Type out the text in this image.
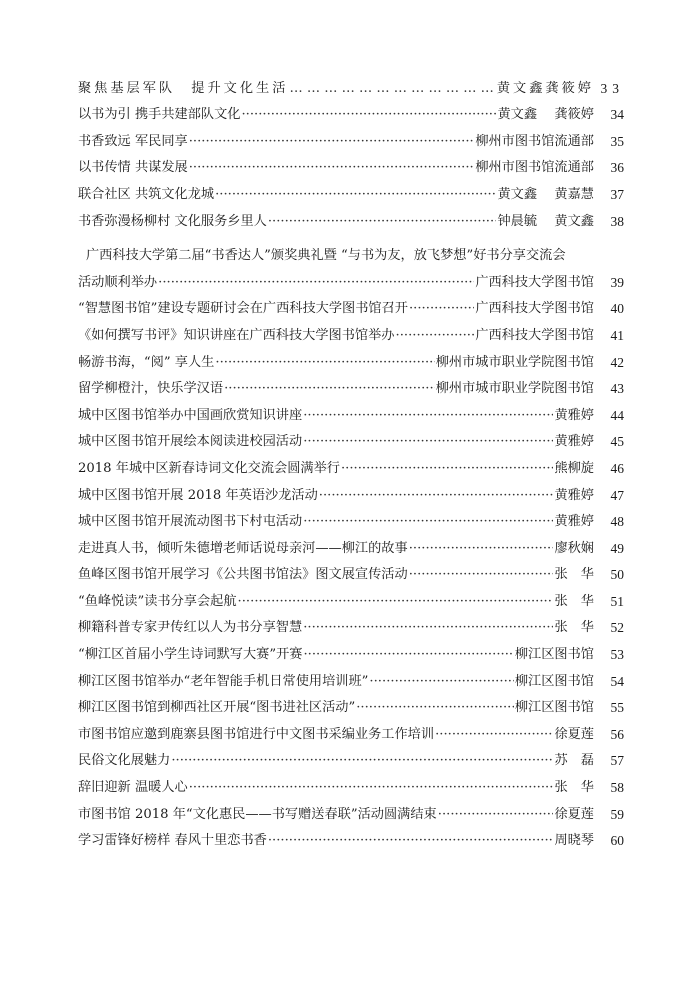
聚焦基层军队　提升文化生活 … … … … … … … … … … … … … … … … … … … … … … … … … …	黄文鑫龚筱婷 33
以书为引 携手共建部队文化 ·····	黄文鑫　 龚筱婷	34
书香致远 军民同享 ·····	柳州市图书馆流通部	35
以书传情 共谋发展 ·····	柳州市图书馆流通部	36
联合社区 共筑文化龙城 ·····	黄文鑫　 黄嘉慧	37
书香弥漫杨柳村 文化服务乡里人 ·····	钟晨毓　 黄文鑫	38
广西科技大学第二届“书香达人”颁奖典礼暨 “与书为友，放飞梦想”好书分享交流会
活动顺利举办 ·····	广西科技大学图书馆	39
“智慧图书馆”建设专题研讨会在广西科技大学图书馆召开 ·····	广西科技大学图书馆	40
《如何撰写书评》知识讲座在广西科技大学图书馆举办 ·····	广西科技大学图书馆	41
畅游书海，“阅” 享人生 ·····	柳州市城市职业学院图书馆	42
留学柳橙汁，快乐学汉语 ·····	柳州市城市职业学院图书馆	43
城中区图书馆举办中国画欣赏知识讲座 ·····	黄雅婷	44
城中区图书馆开展绘本阅读进校园活动 ·····	黄雅婷	45
2018 年城中区新春诗词文化交流会圆满举行 ·····	熊柳旋	46
城中区图书馆开展 2018 年英语沙龙活动 ·····	黄雅婷	47
城中区图书馆开展流动图书下村屯活动 ·····	黄雅婷	48
走进真人书，倾听朱德增老师话说母亲河——柳江的故事 ·····	廖秋娴	49
鱼峰区图书馆开展学习《公共图书馆法》图文展宣传活动 ·····	张　华	50
“鱼峰悦读”读书分享会起航 ·····	张　华	51
柳籍科普专家尹传红以人为书分享智慧 ·····	张　华	52
“柳江区首届小学生诗词默写大赛”开赛 ·····	柳江区图书馆	53
柳江区图书馆举办“老年智能手机日常使用培训班” ·····	柳江区图书馆	54
柳江区图书馆到柳西社区开展“图书进社区活动” ·····	柳江区图书馆	55
市图书馆应邀到鹿寨县图书馆进行中文图书采编业务工作培训 ·····	徐夏莲	56
民俗文化展魅力 ·····	苏　磊	57
辞旧迎新 温暖人心 ·····	张　华	58
市图书馆 2018 年“文化惠民——书写赠送春联”活动圆满结束 ·····	徐夏莲	59
学习雷锋好榜样 春风十里恋书香 ·····	周晓琴	60
